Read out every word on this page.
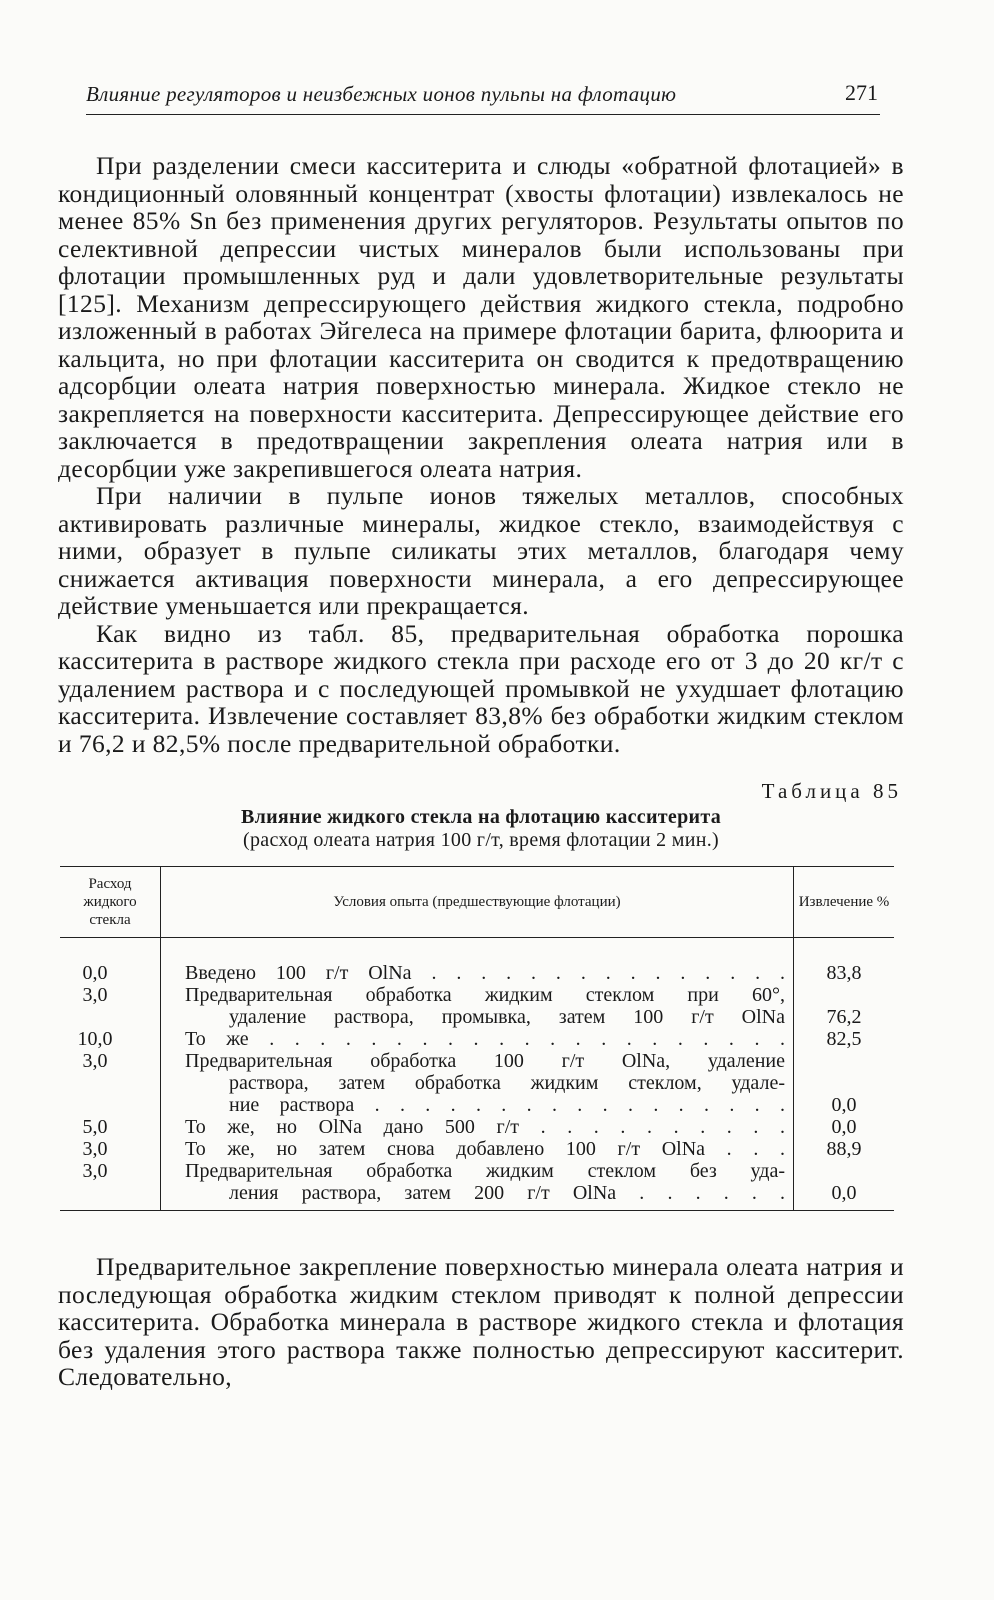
Влияние регуляторов и неизбежных ионов пульпы на флотацию	271

При разделении смеси касситерита и слюды «обратной флотацией» в кондиционный оловянный концентрат (хвосты флотации) извлекалось не менее 85% Sn без применения других регуляторов. Результаты опытов по селективной депрессии чистых минералов были использованы при флотации промышленных руд и дали удовлетворительные результаты [125]. Механизм депрессирующего действия жидкого стекла, подробно изложенный в работах Эйгелеса на примере флотации барита, флюорита и кальцита, но при флотации касситерита он сводится к предотвращению адсорбции олеата натрия поверхностью минерала. Жидкое стекло не закрепляется на поверхности касситерита. Депрессирующее действие его заключается в предотвращении закрепления олеата натрия или в десорбции уже закрепившегося олеата натрия.

При наличии в пульпе ионов тяжелых металлов, способных активировать различные минералы, жидкое стекло, взаимодействуя с ними, образует в пульпе силикаты этих металлов, благодаря чему снижается активация поверхности минерала, а его депрессирующее действие уменьшается или прекращается.

Как видно из табл. 85, предварительная обработка порошка касситерита в растворе жидкого стекла при расходе его от 3 до 20 кг/т с удалением раствора и с последующей промывкой не ухудшает флотацию касситерита. Извлечение составляет 83,8% без обработки жидким стеклом и 76,2 и 82,5% после предварительной обработки.

Таблица 85
Влияние жидкого стекла на флотацию касситерита
(расход олеата натрия 100 г/т, время флотации 2 мин.)
Расход жидкого стекла	Условия опыта (предшествующие флотации)	Извлечение %
0,0	Введено 100 г/т OlNa . . . . . . . . . . . . . . .	83,8
3,0	Предварительная обработка жидким стеклом при 60°,
удаление раствора, промывка, затем 100 г/т OlNa	76,2
10,0	То же . . . . . . . . . . . . . . . . . . . . .	82,5
3,0	Предварительная обработка 100 г/т OlNa, удаление
раствора, затем обработка жидким стеклом, удале-
ние раствора . . . . . . . . . . . . . . . . .	0,0
5,0	То же, но OlNa дано 500 г/т . . . . . . . . . .	0,0
3,0	То же, но затем снова добавлено 100 г/т OlNa . . .	88,9
3,0	Предварительная обработка жидким стеклом без уда-
ления раствора, затем 200 г/т OlNa . . . . . .	0,0

Предварительное закрепление поверхностью минерала олеата натрия и последующая обработка жидким стеклом приводят к полной депрессии касситерита. Обработка минерала в растворе жидкого стекла и флотация без удаления этого раствора также полностью депрессируют касситерит. Следовательно,
